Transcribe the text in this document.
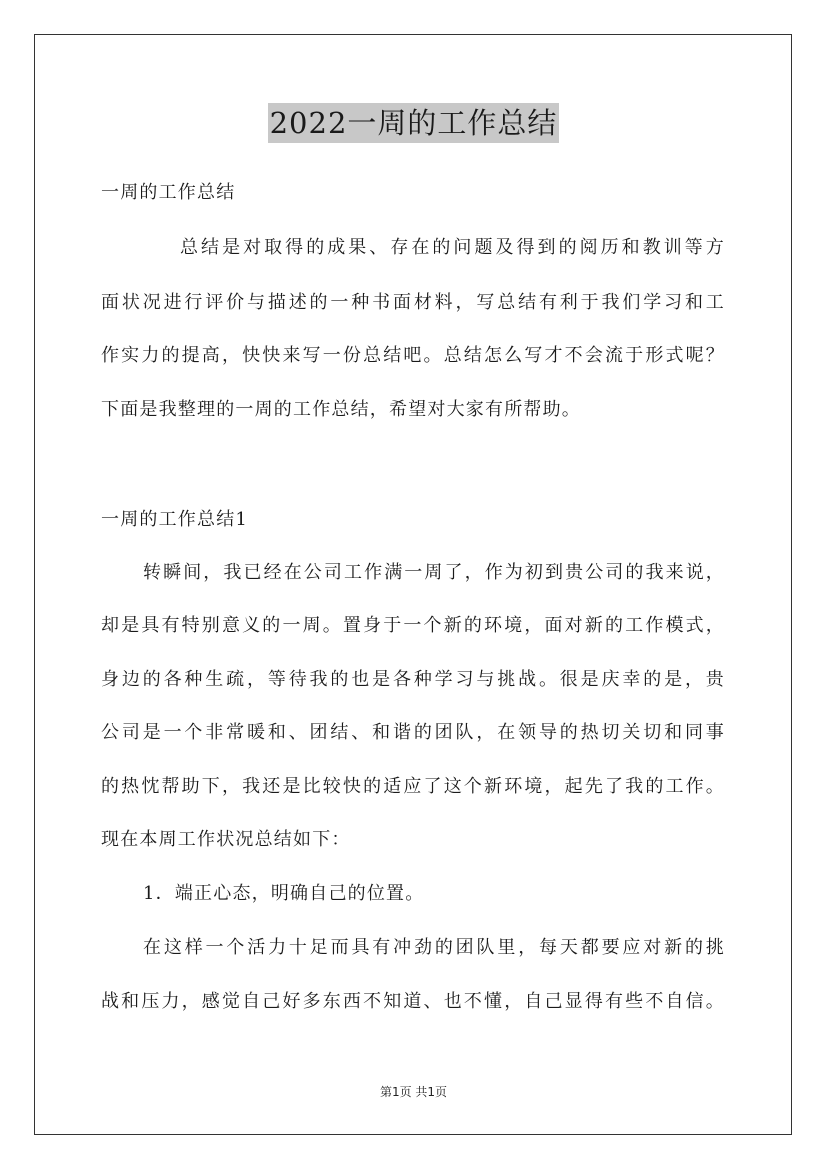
2022一周的工作总结
一周的工作总结
总结是对取得的成果、存在的问题及得到的阅历和教训等方
面状况进行评价与描述的一种书面材料，写总结有利于我们学习和工
作实力的提高，快快来写一份总结吧。总结怎么写才不会流于形式呢？
下面是我整理的一周的工作总结，希望对大家有所帮助。
一周的工作总结1
转瞬间，我已经在公司工作满一周了，作为初到贵公司的我来说，
却是具有特别意义的一周。置身于一个新的环境，面对新的工作模式，
身边的各种生疏，等待我的也是各种学习与挑战。很是庆幸的是，贵
公司是一个非常暖和、团结、和谐的团队，在领导的热切关切和同事
的热忱帮助下，我还是比较快的适应了这个新环境，起先了我的工作。
现在本周工作状况总结如下：
1．端正心态，明确自己的位置。
在这样一个活力十足而具有冲劲的团队里，每天都要应对新的挑
战和压力，感觉自己好多东西不知道、也不懂，自己显得有些不自信。
第1页 共1页
